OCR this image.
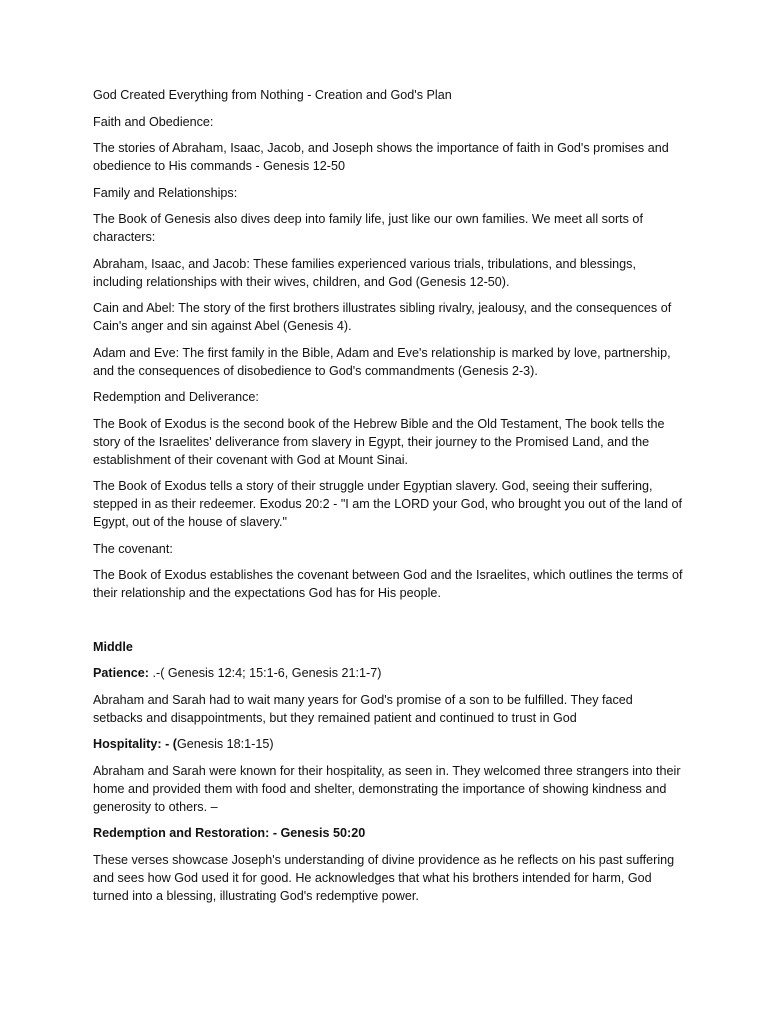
God Created Everything from Nothing - Creation and God's Plan

Faith and Obedience:

The stories of Abraham, Isaac, Jacob, and Joseph shows the importance of faith in God's promises and obedience to His commands - Genesis 12-50

Family and Relationships:

The Book of Genesis also dives deep into family life, just like our own families. We meet all sorts of characters:

Abraham, Isaac, and Jacob: These families experienced various trials, tribulations, and blessings, including relationships with their wives, children, and God (Genesis 12-50).

Cain and Abel: The story of the first brothers illustrates sibling rivalry, jealousy, and the consequences of Cain's anger and sin against Abel (Genesis 4).

Adam and Eve: The first family in the Bible, Adam and Eve's relationship is marked by love, partnership, and the consequences of disobedience to God's commandments (Genesis 2-3).

Redemption and Deliverance:

The Book of Exodus is the second book of the Hebrew Bible and the Old Testament, The book tells the story of the Israelites' deliverance from slavery in Egypt, their journey to the Promised Land, and the establishment of their covenant with God at Mount Sinai.

The Book of Exodus tells a story of their struggle under Egyptian slavery. God, seeing their suffering, stepped in as their redeemer. Exodus 20:2 - "I am the LORD your God, who brought you out of the land of Egypt, out of the house of slavery."

The covenant:

The Book of Exodus establishes the covenant between God and the Israelites, which outlines the terms of their relationship and the expectations God has for His people.

Middle

Patience: .-( Genesis 12:4; 15:1-6, Genesis 21:1-7)

Abraham and Sarah had to wait many years for God's promise of a son to be fulfilled. They faced setbacks and disappointments, but they remained patient and continued to trust in God

Hospitality: - (Genesis 18:1-15)

Abraham and Sarah were known for their hospitality, as seen in. They welcomed three strangers into their home and provided them with food and shelter, demonstrating the importance of showing kindness and generosity to others. –

Redemption and Restoration: - Genesis 50:20

These verses showcase Joseph's understanding of divine providence as he reflects on his past suffering and sees how God used it for good. He acknowledges that what his brothers intended for harm, God turned into a blessing, illustrating God's redemptive power.
